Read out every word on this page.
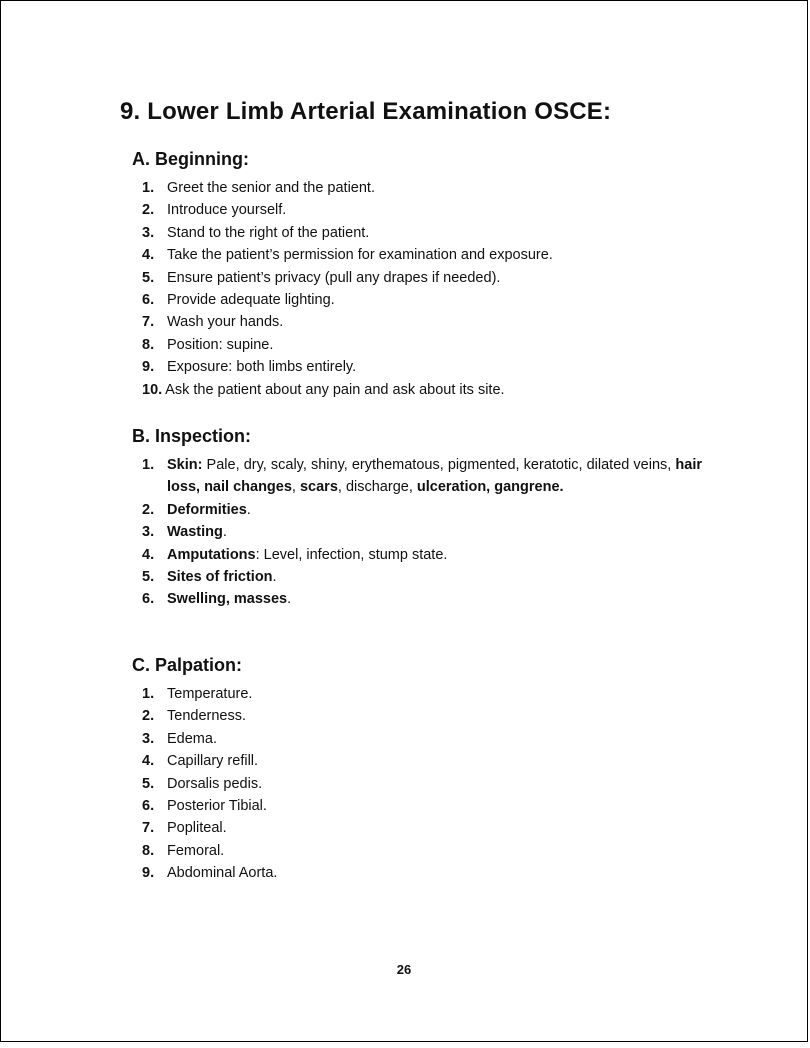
9. Lower Limb Arterial Examination OSCE:
A. Beginning:
1. Greet the senior and the patient.
2. Introduce yourself.
3. Stand to the right of the patient.
4. Take the patient’s permission for examination and exposure.
5. Ensure patient’s privacy (pull any drapes if needed).
6. Provide adequate lighting.
7. Wash your hands.
8. Position: supine.
9. Exposure: both limbs entirely.
10. Ask the patient about any pain and ask about its site.
B. Inspection:
1. Skin: Pale, dry, scaly, shiny, erythematous, pigmented, keratotic, dilated veins, hair loss, nail changes, scars, discharge, ulceration, gangrene.
2. Deformities.
3. Wasting.
4. Amputations: Level, infection, stump state.
5. Sites of friction.
6. Swelling, masses.
C. Palpation:
1. Temperature.
2. Tenderness.
3. Edema.
4. Capillary refill.
5. Dorsalis pedis.
6. Posterior Tibial.
7. Popliteal.
8. Femoral.
9. Abdominal Aorta.
26
